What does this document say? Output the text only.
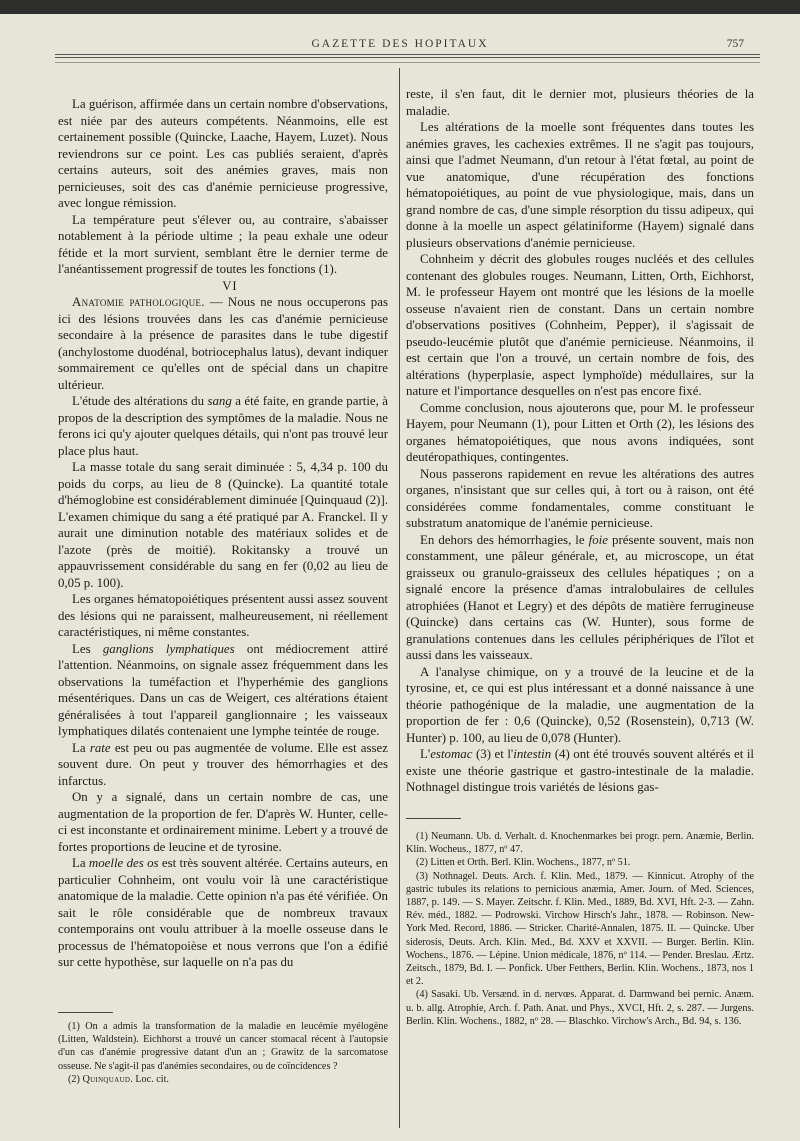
GAZETTE DES HOPITAUX	757

La guérison, affirmée dans un certain nombre d'observations, est niée par des auteurs compétents. Néanmoins, elle est certainement possible (Quincke, Laache, Hayem, Luzet). Nous reviendrons sur ce point. Les cas publiés seraient, d'après certains auteurs, soit des anémies graves, mais non pernicieuses, soit des cas d'anémie pernicieuse progressive, avec longue rémission.

La température peut s'élever ou, au contraire, s'abaisser notablement à la période ultime ; la peau exhale une odeur fétide et la mort survient, semblant être le dernier terme de l'anéantissement progressif de toutes les fonctions (1).

VI

Anatomie pathologique. — Nous ne nous occuperons pas ici des lésions trouvées dans les cas d'anémie pernicieuse secondaire à la présence de parasites dans le tube digestif (anchylostome duodénal, botriocephalus latus), devant indiquer sommairement ce qu'elles ont de spécial dans un chapitre ultérieur.

L'étude des altérations du sang a été faite, en grande partie, à propos de la description des symptômes de la maladie. Nous ne ferons ici qu'y ajouter quelques détails, qui n'ont pas trouvé leur place plus haut.

La masse totale du sang serait diminuée : 5, 4,34 p. 100 du poids du corps, au lieu de 8 (Quincke). La quantité totale d'hémoglobine est considérablement diminuée [Quinquaud (2)]. L'examen chimique du sang a été pratiqué par A. Franckel. Il y aurait une diminution notable des matériaux solides et de l'azote (près de moitié). Rokitansky a trouvé un appauvrissement considérable du sang en fer (0,02 au lieu de 0,05 p. 100).

Les organes hématopoiétiques présentent aussi assez souvent des lésions qui ne paraissent, malheureusement, ni réellement caractéristiques, ni même constantes.

Les ganglions lymphatiques ont médiocrement attiré l'attention. Néanmoins, on signale assez fréquemment dans les observations la tuméfaction et l'hyperhémie des ganglions mésentériques. Dans un cas de Weigert, ces altérations étaient généralisées à tout l'appareil ganglionnaire ; les vaisseaux lymphatiques dilatés contenaient une lymphe teintée de rouge.

La rate est peu ou pas augmentée de volume. Elle est assez souvent dure. On peut y trouver des hémorrhagies et des infarctus.

On y a signalé, dans un certain nombre de cas, une augmentation de la proportion de fer. D'après W. Hunter, celle-ci est inconstante et ordinairement minime. Lebert y a trouvé de fortes proportions de leucine et de tyrosine.

La moelle des os est très souvent altérée. Certains auteurs, en particulier Cohnheim, ont voulu voir là une caractéristique anatomique de la maladie. Cette opinion n'a pas été vérifiée. On sait le rôle considérable que de nombreux travaux contemporains ont voulu attribuer à la moelle osseuse dans le processus de l'hématopoièse et nous verrons que l'on a édifié sur cette hypothèse, sur laquelle on n'a pas du

(1) On a admis la transformation de la maladie en leucémie myélogène (Litten, Waldstein). Eichhorst a trouvé un cancer stomacal récent à l'autopsie d'un cas d'anémie progressive datant d'un an ; Grawitz de la sarcomatose osseuse. Ne s'agit-il pas d'anémies secondaires, ou de coïncidences ?

(2) Quinquaud. Loc. cit.

reste, il s'en faut, dit le dernier mot, plusieurs théories de la maladie.

Les altérations de la moelle sont fréquentes dans toutes les anémies graves, les cachexies extrêmes. Il ne s'agit pas toujours, ainsi que l'admet Neumann, d'un retour à l'état fœtal, au point de vue anatomique, d'une récupération des fonctions hématopoiétiques, au point de vue physiologique, mais, dans un grand nombre de cas, d'une simple résorption du tissu adipeux, qui donne à la moelle un aspect gélatiniforme (Hayem) signalé dans plusieurs observations d'anémie pernicieuse.

Cohnheim y décrit des globules rouges nucléés et des cellules contenant des globules rouges. Neumann, Litten, Orth, Eichhorst, M. le professeur Hayem ont montré que les lésions de la moelle osseuse n'avaient rien de constant. Dans un certain nombre d'observations positives (Cohnheim, Pepper), il s'agissait de pseudo-leucémie plutôt que d'anémie pernicieuse. Néanmoins, il est certain que l'on a trouvé, un certain nombre de fois, des altérations (hyperplasie, aspect lymphoïde) médullaires, sur la nature et l'importance desquelles on n'est pas encore fixé.

Comme conclusion, nous ajouterons que, pour M. le professeur Hayem, pour Neumann (1), pour Litten et Orth (2), les lésions des organes hématopoiétiques, que nous avons indiquées, sont deutéropathiques, contingentes.

Nous passerons rapidement en revue les altérations des autres organes, n'insistant que sur celles qui, à tort ou à raison, ont été considérées comme fondamentales, comme constituant le substratum anatomique de l'anémie pernicieuse.

En dehors des hémorrhagies, le foie présente souvent, mais non constamment, une pâleur générale, et, au microscope, un état graisseux ou granulo-graisseux des cellules hépatiques ; on a signalé encore la présence d'amas intralobulaires de cellules atrophiées (Hanot et Legry) et des dépôts de matière ferrugineuse (Quincke) dans certains cas (W. Hunter), sous forme de granulations contenues dans les cellules périphériques de l'îlot et aussi dans les vaisseaux.

A l'analyse chimique, on y a trouvé de la leucine et de la tyrosine, et, ce qui est plus intéressant et a donné naissance à une théorie pathogénique de la maladie, une augmentation de la proportion de fer : 0,6 (Quincke), 0,52 (Rosenstein), 0,713 (W. Hunter) p. 100, au lieu de 0,078 (Hunter).

L'estomac (3) et l'intestin (4) ont été trouvés souvent altérés et il existe une théorie gastrique et gastro-intestinale de la maladie. Nothnagel distingue trois variétés de lésions gas-

(1) Neumann. Ub. d. Verhalt. d. Knochenmarkes bei progr. pern. Anæmie, Berlin. Klin. Wocheus., 1877, nº 47.

(2) Litten et Orth. Berl. Klin. Wochens., 1877, nº 51.

(3) Nothnagel. Deuts. Arch. f. Klin. Med., 1879. — Kinnicut. Atrophy of the gastric tubules its relations to pernicious anæmia, Amer. Journ. of Med. Sciences, 1887, p. 149. — S. Mayer. Zeitschr. f. Klin. Med., 1889, Bd. XVI, Hft. 2-3. — Zahn. Rév. méd., 1882. — Podrowski. Virchow Hirsch's Jahr., 1878. — Robinson. New-York Med. Record, 1886. — Stricker. Charité-Annalen, 1875. II. — Quincke. Uber siderosis, Deuts. Arch. Klin. Med., Bd. XXV et XXVII. — Burger. Berlin. Klin. Wochens., 1876. — Lépine. Union médicale, 1876, nº 114. — Pender. Breslau. Ærtz. Zeitsch., 1879, Bd. I. — Ponfick. Uber Fetthers, Berlin. Klin. Wochens., 1873, nos 1 et 2.

(4) Sasaki. Ub. Versænd. in d. nervœs. Apparat. d. Darmwand bei pernic. Anæm. u. b. allg. Atrophie, Arch. f. Path. Anat. und Phys., XVCI, Hft. 2, s. 287. — Jurgens. Berlin. Klin. Wochens., 1882, nº 28. — Blaschko. Virchow's Arch., Bd. 94, s. 136.
